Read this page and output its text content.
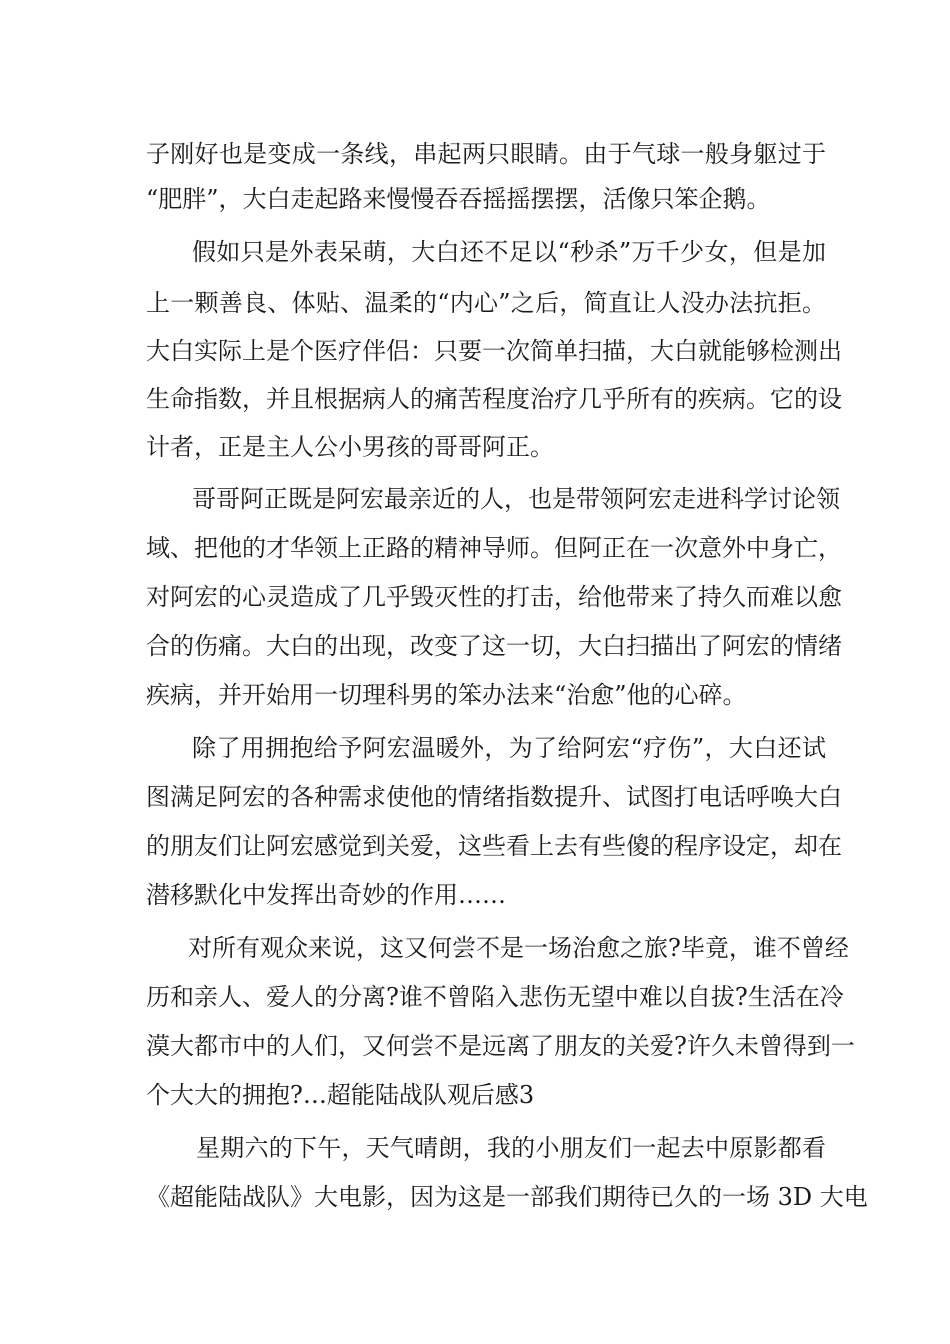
子刚好也是变成一条线，串起两只眼睛。由于气球一般身躯过于
“肥胖”，大白走起路来慢慢吞吞摇摇摆摆，活像只笨企鹅。
假如只是外表呆萌，大白还不足以“秒杀”万千少女，但是加
上一颗善良、体贴、温柔的“内心”之后，简直让人没办法抗拒。
大白实际上是个医疗伴侣：只要一次简单扫描，大白就能够检测出
生命指数，并且根据病人的痛苦程度治疗几乎所有的疾病。它的设
计者，正是主人公小男孩的哥哥阿正。
哥哥阿正既是阿宏最亲近的人，也是带领阿宏走进科学讨论领
域、把他的才华领上正路的精神导师。但阿正在一次意外中身亡，
对阿宏的心灵造成了几乎毁灭性的打击，给他带来了持久而难以愈
合的伤痛。大白的出现，改变了这一切，大白扫描出了阿宏的情绪
疾病，并开始用一切理科男的笨办法来“治愈”他的心碎。
除了用拥抱给予阿宏温暖外，为了给阿宏“疗伤”，大白还试
图满足阿宏的各种需求使他的情绪指数提升、试图打电话呼唤大白
的朋友们让阿宏感觉到关爱，这些看上去有些傻的程序设定，却在
潜移默化中发挥出奇妙的作用……
对所有观众来说，这又何尝不是一场治愈之旅?毕竟，谁不曾经
历和亲人、爱人的分离?谁不曾陷入悲伤无望中难以自拔?生活在冷
漠大都市中的人们，又何尝不是远离了朋友的关爱?许久未曾得到一
个大大的拥抱?…超能陆战队观后感3
星期六的下午，天气晴朗，我的小朋友们一起去中原影都看
《超能陆战队》大电影，因为这是一部我们期待已久的一场 3D 大电
